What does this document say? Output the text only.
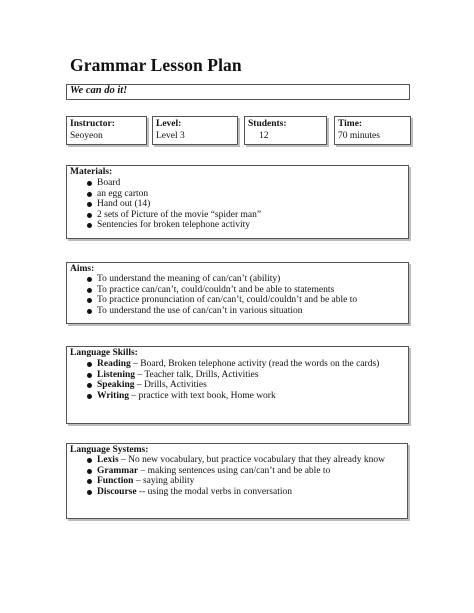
Grammar Lesson Plan
We can do it!
Instructor:
Seoyeon
Level:
Level 3
Students:
12
Time:
70 minutes
Materials:
Board
an egg carton
Hand out (14)
2 sets of Picture of the movie “spider man”
Sentencies for broken telephone activity
Aims:
To understand the meaning of can/can’t (ability)
To practice can/can’t, could/couldn’t and be able to statements
To practice pronunciation of can/can’t, could/couldn’t and be able to
To understand the use of can/can’t in various situation
Language Skills:
Reading – Board, Broken telephone activity (read the words on the cards)
Listening – Teacher talk, Drills, Activities
Speaking – Drills, Activities
Writing – practice with text book, Home work
Language Systems:
Lexis – No new vocabulary, but practice vocabulary that they already know
Grammar – making sentences using can/can’t and be able to
Function – saying ability
Discourse -- using the modal verbs in conversation
